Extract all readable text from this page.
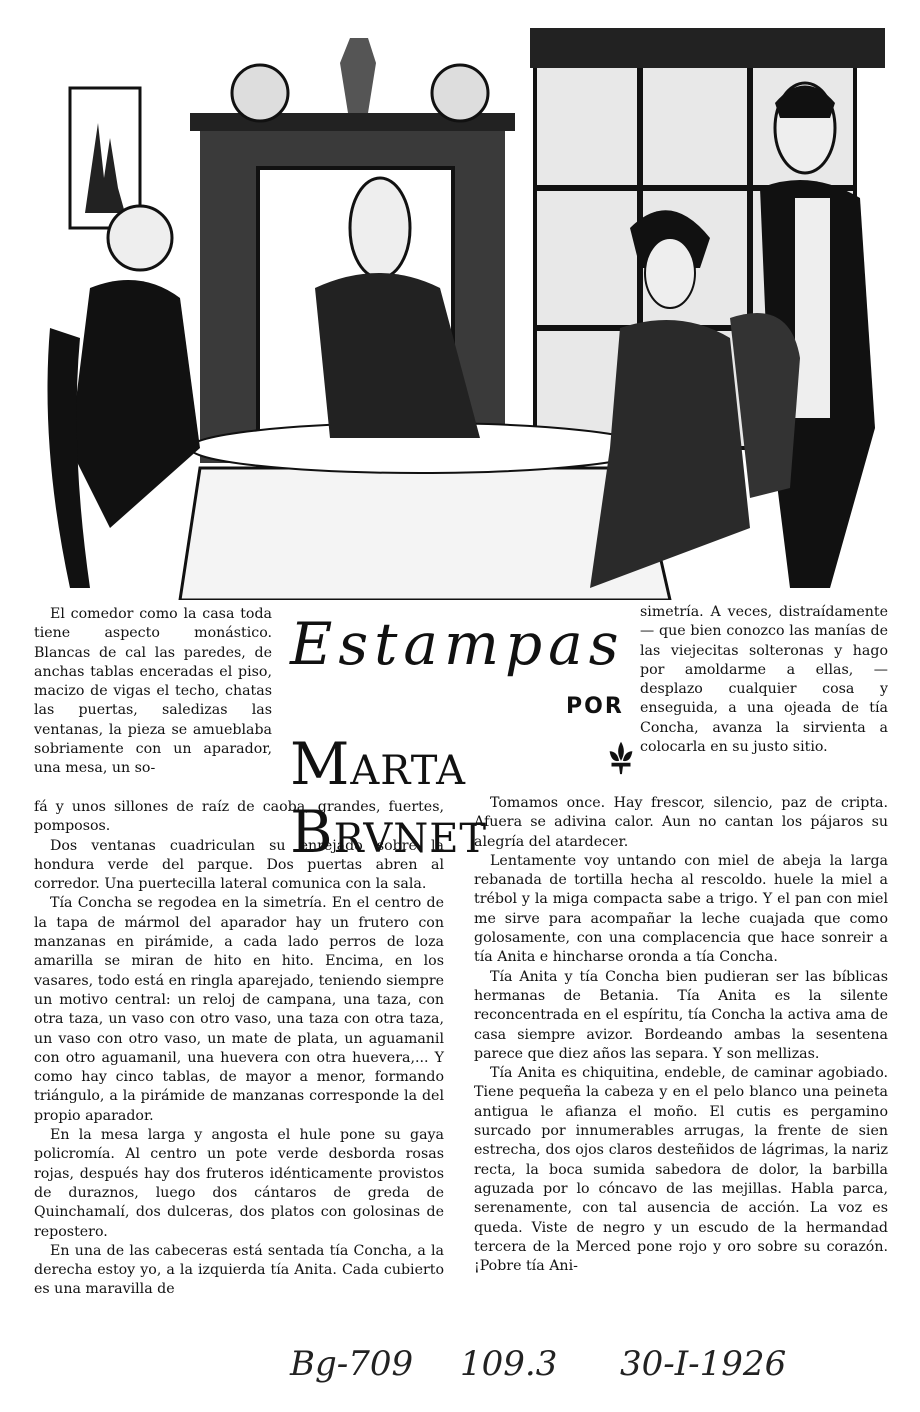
Estampas
POR
MARTA BRVNET

El comedor como la casa toda tiene aspecto monástico. Blancas de cal las paredes, de anchas tablas enceradas el piso, macizo de vigas el techo, chatas las puertas, saledizas las ventanas, la pieza se amueblaba sobriamente con un aparador, una mesa, un so-

fá y unos sillones de raíz de caoba, grandes, fuertes, pomposos.

Dos ventanas cuadriculan su enrejado sobre la hondura verde del parque. Dos puertas abren al corredor. Una puertecilla lateral comunica con la sala.

Tía Concha se regodea en la simetría. En el centro de la tapa de mármol del aparador hay un frutero con manzanas en pirámide, a cada lado perros de loza amarilla se miran de hito en hito. Encima, en los vasares, todo está en ringla aparejado, teniendo siempre un motivo central: un reloj de campana, una taza, con otra taza, un vaso con otro vaso, una taza con otra taza, un vaso con otro vaso, un mate de plata, un aguamanil con otro aguamanil, una huevera con otra huevera,... Y como hay cinco tablas, de mayor a menor, formando triángulo, a la pirámide de manzanas corresponde la del propio aparador.

En la mesa larga y angosta el hule pone su gaya policromía. Al centro un pote verde desborda rosas rojas, después hay dos fruteros idénticamente provistos de duraznos, luego dos cántaros de greda de Quinchamalí, dos dulceras, dos platos con golosinas de repostero.

En una de las cabeceras está sentada tía Concha, a la derecha estoy yo, a la izquierda tía Anita. Cada cubierto es una maravilla de

simetría. A veces, distraídamente — que bien conozco las manías de las viejecitas solteronas y hago por amoldarme a ellas, — desplazo cualquier cosa y enseguida, a una ojeada de tía Concha, avanza la sirvienta a colocarla en su justo sitio.

Tomamos once. Hay frescor, silencio, paz de cripta. Afuera se adivina calor. Aun no cantan los pájaros su alegría del atardecer.

Lentamente voy untando con miel de abeja la larga rebanada de tortilla hecha al rescoldo. huele la miel a trébol y la miga compacta sabe a trigo. Y el pan con miel me sirve para acompañar la leche cuajada que como golosamente, con una complacencia que hace sonreir a tía Anita e hincharse oronda a tía Concha.

Tía Anita y tía Concha bien pudieran ser las bíblicas hermanas de Betania. Tía Anita es la silente reconcentrada en el espíritu, tía Concha la activa ama de casa siempre avizor. Bordeando ambas la sesentena parece que diez años las separa. Y son mellizas.

Tía Anita es chiquitina, endeble, de caminar agobiado. Tiene pequeña la cabeza y en el pelo blanco una peineta antigua le afianza el moño. El cutis es pergamino surcado por innumerables arrugas, la frente de sien estrecha, dos ojos claros desteñidos de lágrimas, la nariz recta, la boca sumida sabedora de dolor, la barbilla aguzada por lo cóncavo de las mejillas. Habla parca, serenamente, con tal ausencia de acción. La voz es queda. Viste de negro y un escudo de la hermandad tercera de la Merced pone rojo y oro sobre su corazón. ¡Pobre tía Ani-

Bg-709 109.3 30-I-1926
